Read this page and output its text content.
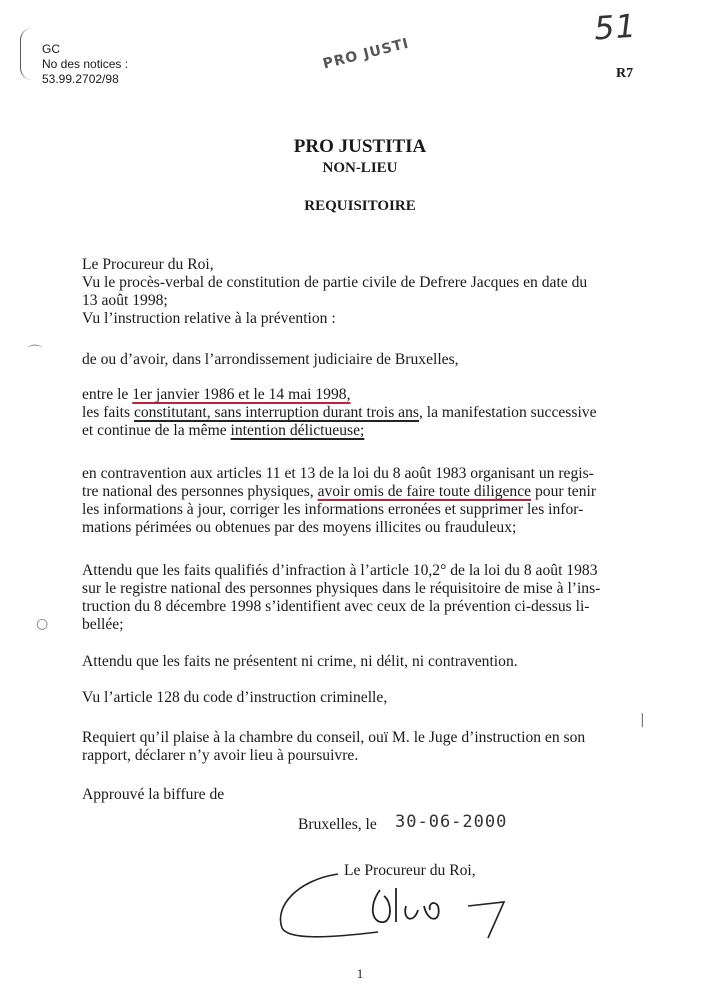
GC
No des notices :
53.99.2702/98
51
PRO JUSTI
R7
PRO JUSTITIA
NON-LIEU
REQUISITOIRE
Le Procureur du Roi,
Vu le procès-verbal de constitution de partie civile de Defrere Jacques en date du
13 août 1998;
Vu l’instruction relative à la prévention :
de ou d’avoir, dans l’arrondissement judiciaire de Bruxelles,
entre le 1er janvier 1986 et le 14 mai 1998,
les faits constitutant, sans interruption durant trois ans, la manifestation successive
et continue de la même intention délictueuse;
en contravention aux articles 11 et 13 de la loi du 8 août 1983 organisant un regis-
tre national des personnes physiques, avoir omis de faire toute diligence pour tenir
les informations à jour, corriger les informations erronées et supprimer les infor-
mations périmées ou obtenues par des moyens illicites ou frauduleux;
Attendu que les faits qualifiés d’infraction à l’article 10,2° de la loi du 8 août 1983
sur le registre national des personnes physiques dans le réquisitoire de mise à l’ins-
truction du 8 décembre 1998 s’identifient avec ceux de la prévention ci-dessus li-
bellée;
Attendu que les faits ne présentent ni crime, ni délit, ni contravention.
Vu l’article 128 du code d’instruction criminelle,
Requiert qu’il plaise à la chambre du conseil, ouï M. le Juge d’instruction en son
rapport, déclarer n’y avoir lieu à poursuivre.
Approuvé la biffure de
Bruxelles, le 30-06-2000
Le Procureur du Roi,
1
⌒
○
|
